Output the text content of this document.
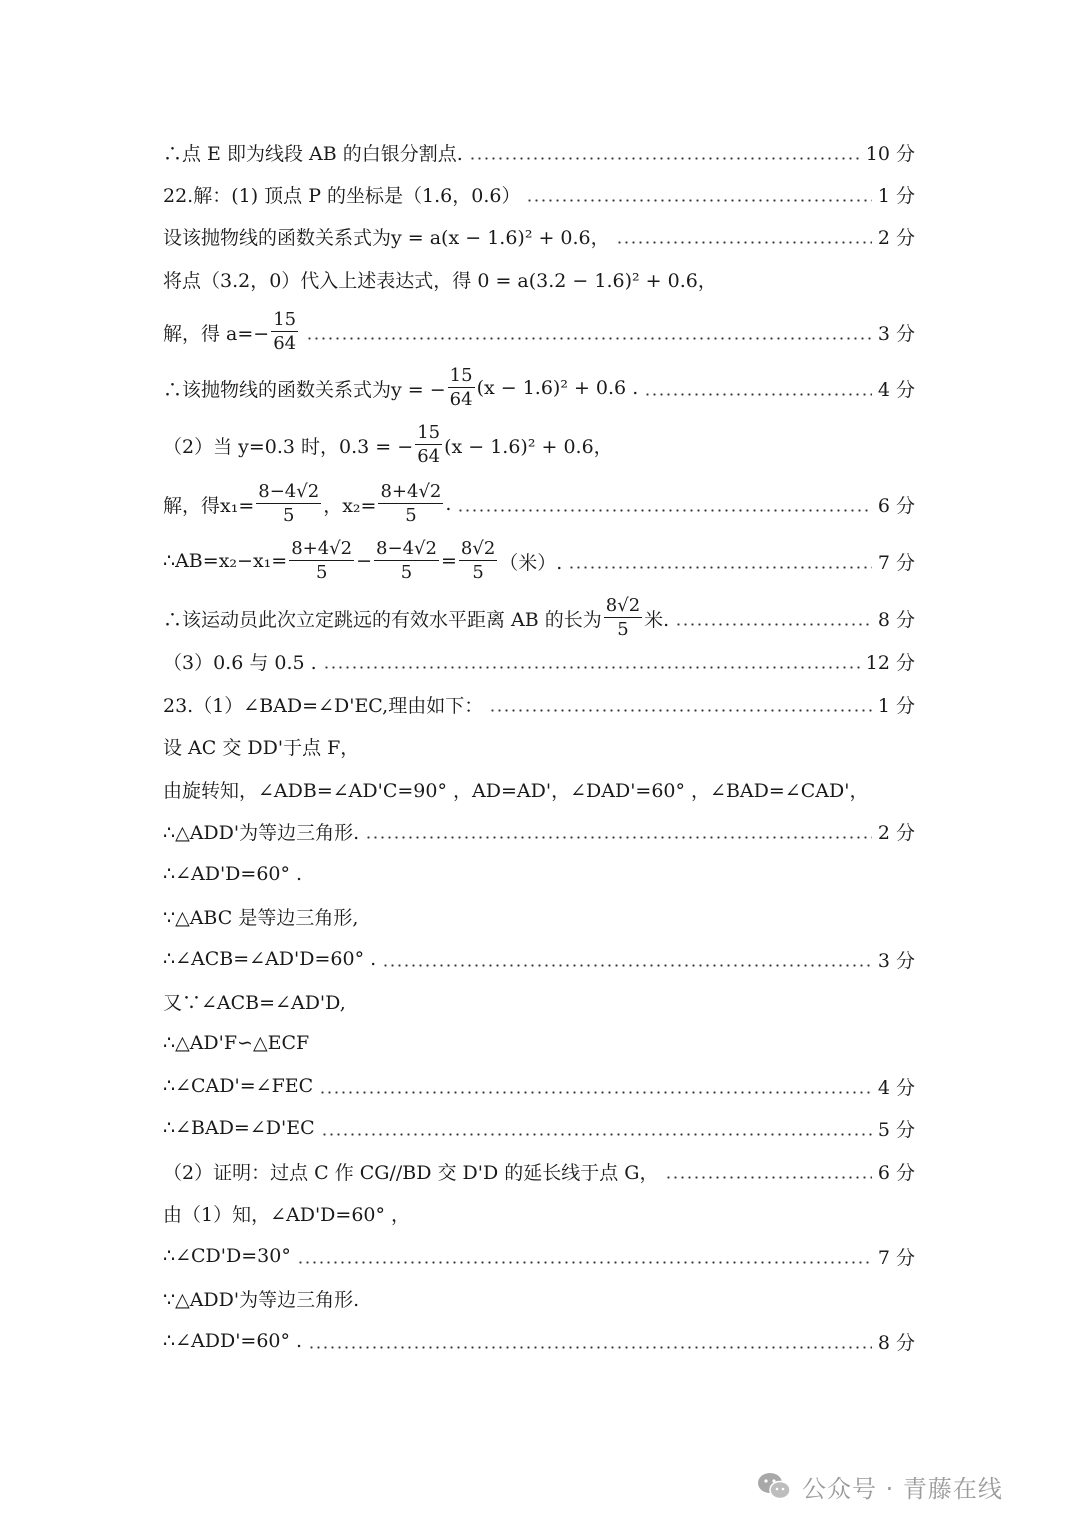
∴点 E 即为线段 AB 的白银分割点.	10 分
22.解：(1) 顶点 P 的坐标是（1.6，0.6）	1 分
设该抛物线的函数关系式为y = a(x − 1.6)² + 0.6，	2 分
将点（3.2，0）代入上述表达式，得 0 = a(3.2 − 1.6)² + 0.6，
解，得 $a=- \frac{15}{64}$	3 分
∴该抛物线的函数关系式为y = − $\frac{15}{64} (x - 1.6)^2 + 0.6$ .	4 分
（2）当 y=0.3 时，0.3 = − $\frac{15}{64} (x - 1.6)^2 + 0.6$，
解，得$x_1= \frac{8-4√2}{5}$ ，$x_2= \frac{8+4√2}{5}$ .	6 分
∴AB=x₂−x₁= $\frac{8+4√2}{5} - \frac{8-4√2}{5} = \frac{8√2}{5}$ （米）.	7 分
∴该运动员此次立定跳远的有效水平距离 AB 的长为 $\frac{8√2}{5}$ 米.	8 分
（3）0.6 与 0.5 .	12 分
23.（1）∠BAD=∠D'EC,理由如下：	1 分
设 AC 交 DD'于点 F，
由旋转知，∠ADB=∠AD'C=90° ，AD=AD'，∠DAD'=60° ，∠BAD=∠CAD'，
∴△ADD'为等边三角形.	2 分
∴∠AD'D=60° .
∵△ABC 是等边三角形,
∴∠ACB=∠AD'D=60° .	3 分
又∵∠ACB=∠AD'D,
∴△AD'F∽△ECF
∴∠CAD'=∠FEC	4 分
∴∠BAD=∠D'EC	5 分
（2）证明：过点 C 作 CG//BD 交 D'D 的延长线于点 G，	6 分
由（1）知，∠AD'D=60° ，
∴∠CD'D=30°	7 分
∵△ADD'为等边三角形.
∴∠ADD'=60° .	8 分
公众号 · 青藤在线
